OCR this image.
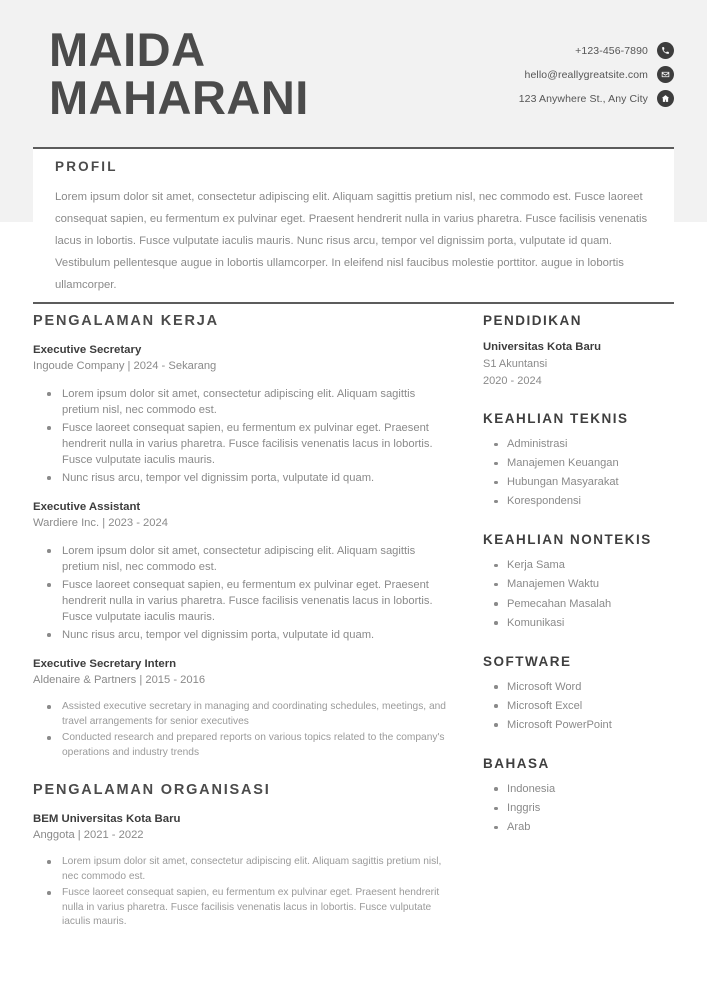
MAIDA
MAHARANI
+123-456-7890
hello@reallygreatsite.com
123 Anywhere St., Any City
PROFIL
Lorem ipsum dolor sit amet, consectetur adipiscing elit. Aliquam sagittis pretium nisl, nec commodo est. Fusce laoreet consequat sapien, eu fermentum ex pulvinar eget. Praesent hendrerit nulla in varius pharetra. Fusce facilisis venenatis lacus in lobortis. Fusce vulputate iaculis mauris. Nunc risus arcu, tempor vel dignissim porta, vulputate id quam. Vestibulum pellentesque augue in lobortis ullamcorper. In eleifend nisl faucibus molestie porttitor. augue in lobortis ullamcorper.
PENGALAMAN KERJA
Executive Secretary
Ingoude Company | 2024 - Sekarang
Lorem ipsum dolor sit amet, consectetur adipiscing elit. Aliquam sagittis pretium nisl, nec commodo est.
Fusce laoreet consequat sapien, eu fermentum ex pulvinar eget. Praesent hendrerit nulla in varius pharetra. Fusce facilisis venenatis lacus in lobortis. Fusce vulputate iaculis mauris.
Nunc risus arcu, tempor vel dignissim porta, vulputate id quam.
Executive Assistant
Wardiere Inc. | 2023 - 2024
Lorem ipsum dolor sit amet, consectetur adipiscing elit. Aliquam sagittis pretium nisl, nec commodo est.
Fusce laoreet consequat sapien, eu fermentum ex pulvinar eget. Praesent hendrerit nulla in varius pharetra. Fusce facilisis venenatis lacus in lobortis. Fusce vulputate iaculis mauris.
Nunc risus arcu, tempor vel dignissim porta, vulputate id quam.
Executive Secretary Intern
Aldenaire & Partners | 2015 - 2016
Assisted executive secretary in managing and coordinating schedules, meetings, and travel arrangements for senior executives
Conducted research and prepared reports on various topics related to the company's operations and industry trends
PENGALAMAN ORGANISASI
BEM Universitas Kota Baru
Anggota | 2021 - 2022
Lorem ipsum dolor sit amet, consectetur adipiscing elit. Aliquam sagittis pretium nisl, nec commodo est.
Fusce laoreet consequat sapien, eu fermentum ex pulvinar eget. Praesent hendrerit nulla in varius pharetra. Fusce facilisis venenatis lacus in lobortis. Fusce vulputate iaculis mauris.
PENDIDIKAN
Universitas Kota Baru
S1 Akuntansi
2020 - 2024
KEAHLIAN TEKNIS
Administrasi
Manajemen Keuangan
Hubungan Masyarakat
Korespondensi
KEAHLIAN NONTEKIS
Kerja Sama
Manajemen Waktu
Pemecahan Masalah
Komunikasi
SOFTWARE
Microsoft Word
Microsoft Excel
Microsoft PowerPoint
BAHASA
Indonesia
Inggris
Arab
